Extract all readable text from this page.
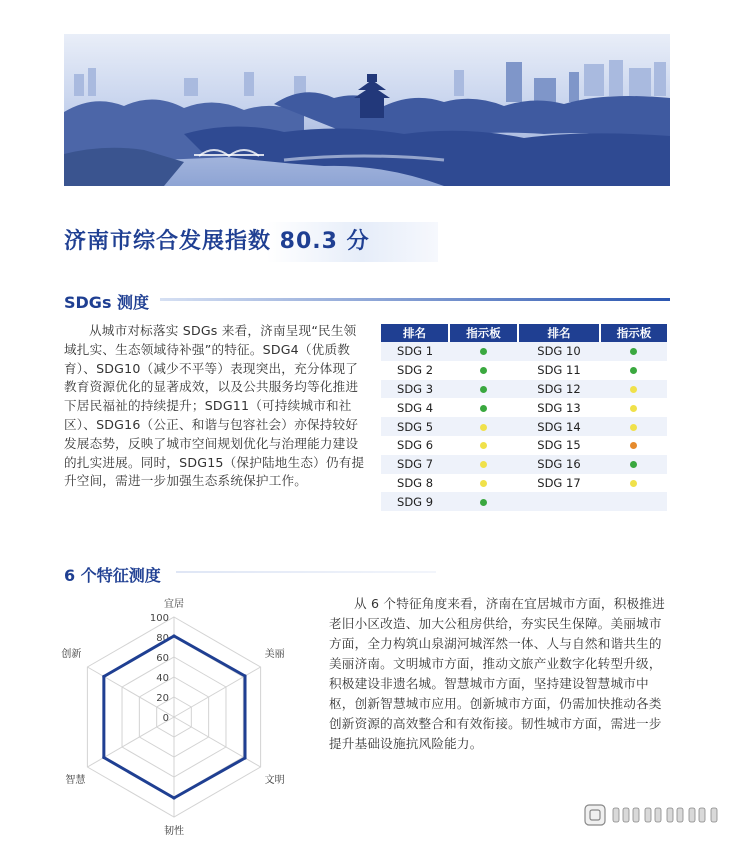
济南市综合发展指数 80.3 分
SDGs 测度
从城市对标落实 SDGs 来看，济南呈现“民生领域扎实、生态领域待补强”的特征。SDG4（优质教育）、SDG10（减少不平等）表现突出，充分体现了教育资源优化的显著成效，以及公共服务均等化推进下居民福祉的持续提升；SDG11（可持续城市和社区）、SDG16（公正、和谐与包容社会）亦保持较好发展态势，反映了城市空间规划优化与治理能力建设的扎实进展。同时，SDG15（保护陆地生态）仍有提升空间，需进一步加强生态系统保护工作。
排名	指示板	排名	指示板
SDG 1		SDG 10	
SDG 2		SDG 11	
SDG 3		SDG 12	
SDG 4		SDG 13	
SDG 5		SDG 14	
SDG 6		SDG 15	
SDG 7		SDG 16	
SDG 8		SDG 17	
SDG 9			
6 个特征测度
0
20
40
60
80
100
宜居
美丽
文明
韧性
智慧
创新
从 6 个特征角度来看，济南在宜居城市方面，积极推进老旧小区改造、加大公租房供给，夯实民生保障。美丽城市方面，全力构筑山泉湖河城浑然一体、人与自然和谐共生的美丽济南。文明城市方面，推动文旅产业数字化转型升级，积极建设非遗名城。智慧城市方面，坚持建设智慧城市中枢，创新智慧城市应用。创新城市方面，仍需加快推动各类创新资源的高效整合和有效衔接。韧性城市方面，需进一步提升基础设施抗风险能力。
